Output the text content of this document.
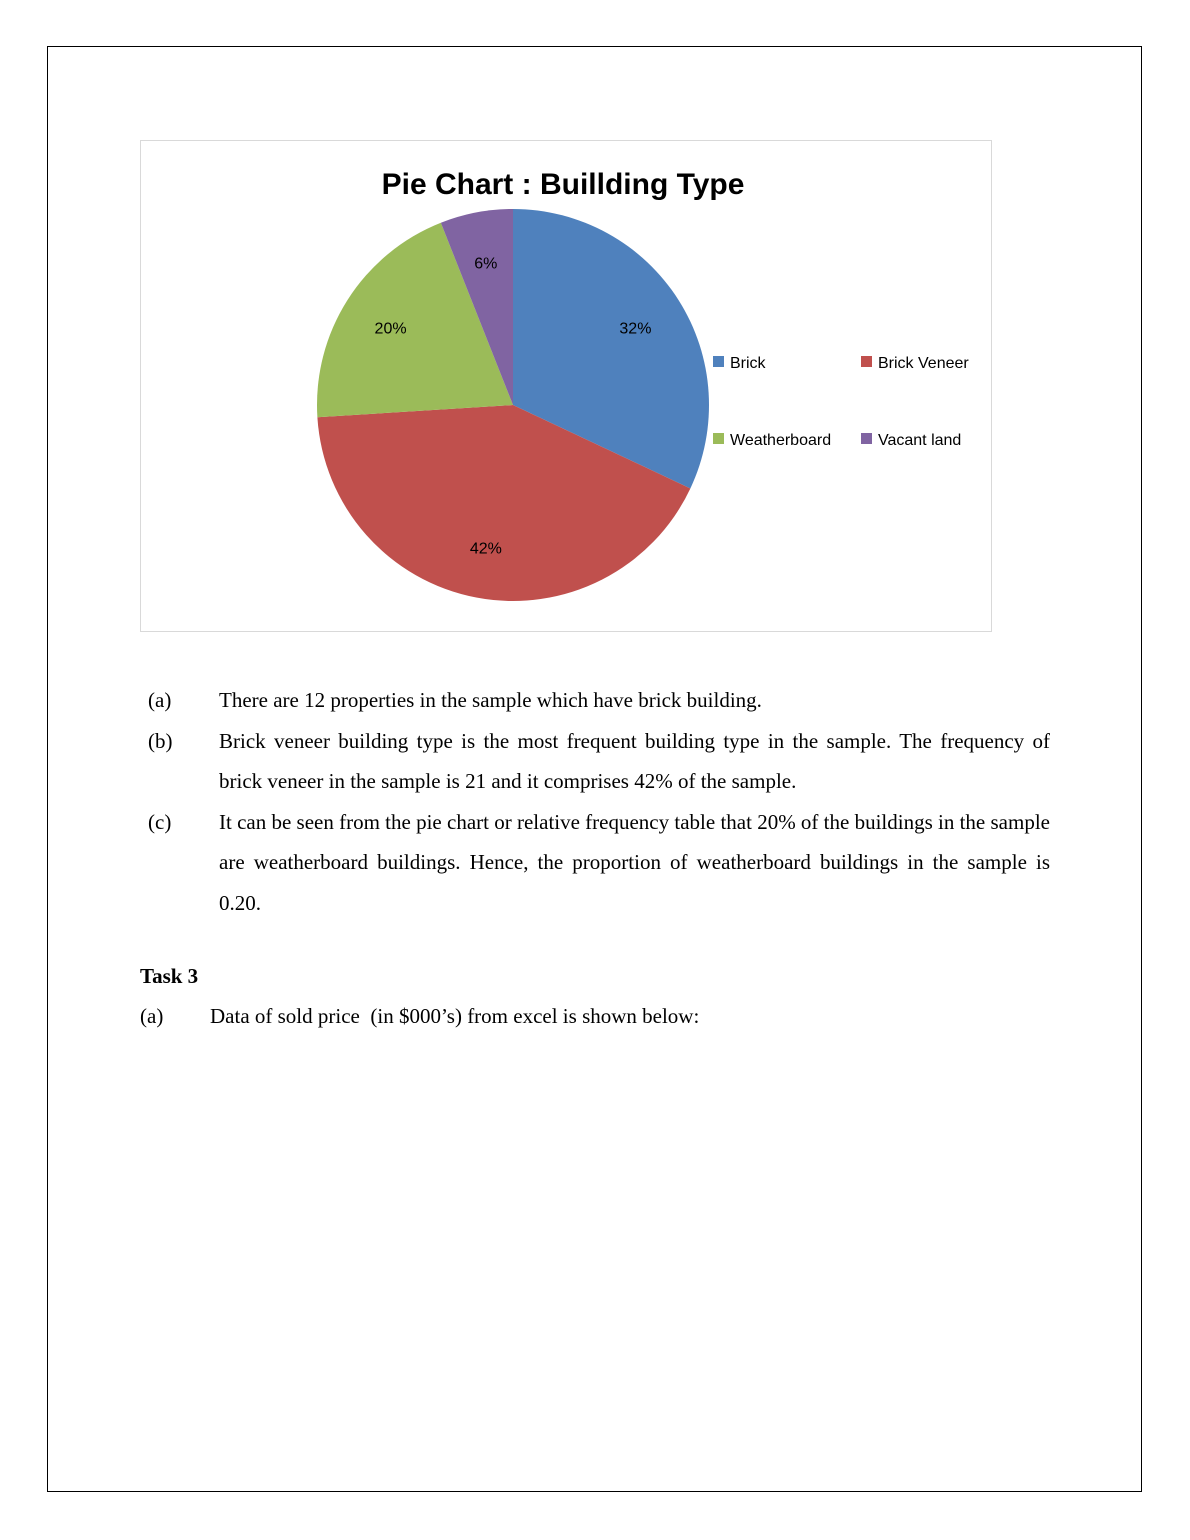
Pie Chart : Buillding Type
32%
42%
20%
6%
Brick	Brick Veneer
Weatherboard	Vacant land
(a) There are 12 properties in the sample which have brick building.
(b) Brick veneer building type is the most frequent building type in the sample. The frequency of brick veneer in the sample is 21 and it comprises 42% of the sample.
(c) It can be seen from the pie chart or relative frequency table that 20% of the buildings in the sample are weatherboard buildings. Hence, the proportion of weatherboard buildings in the sample is 0.20.
Task 3
(a) Data of sold price  (in $000’s) from excel is shown below:
